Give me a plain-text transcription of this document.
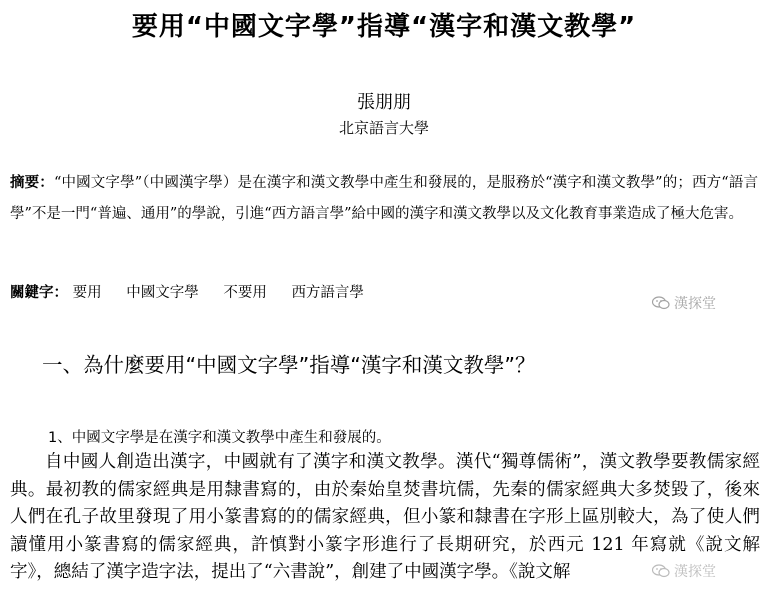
要用“中國文字學”指導“漢字和漢文教學”
張朋朋
北京語言大學
摘要：“中國文字學”（中國漢字學）是在漢字和漢文教學中產生和發展的，是服務於“漢字和漢文教學”的；西方“語言學”不是一門“普遍、通用”的學說，引進“西方語言學”給中國的漢字和漢文教學以及文化教育事業造成了極大危害。
關鍵字： 要用 中國文字學 不要用 西方語言學
一、為什麼要用“中國文字學”指導“漢字和漢文教學”？
1、中國文字學是在漢字和漢文教學中產生和發展的。
自中國人創造出漢字，中國就有了漢字和漢文教學。漢代“獨尊儒術”，漢文教學要教儒家經典。最初教的儒家經典是用隸書寫的，由於秦始皇焚書坑儒，先秦的儒家經典大多焚毀了，後來人們在孔子故里發現了用小篆書寫的的儒家經典，但小篆和隸書在字形上區別較大，為了使人們讀懂用小篆書寫的儒家經典，許慎對小篆字形進行了長期研究，於西元 121 年寫就《說文解字》，總結了漢字造字法，提出了“六書說”，創建了中國漢字學。《說文解
漢探堂
漢探堂
